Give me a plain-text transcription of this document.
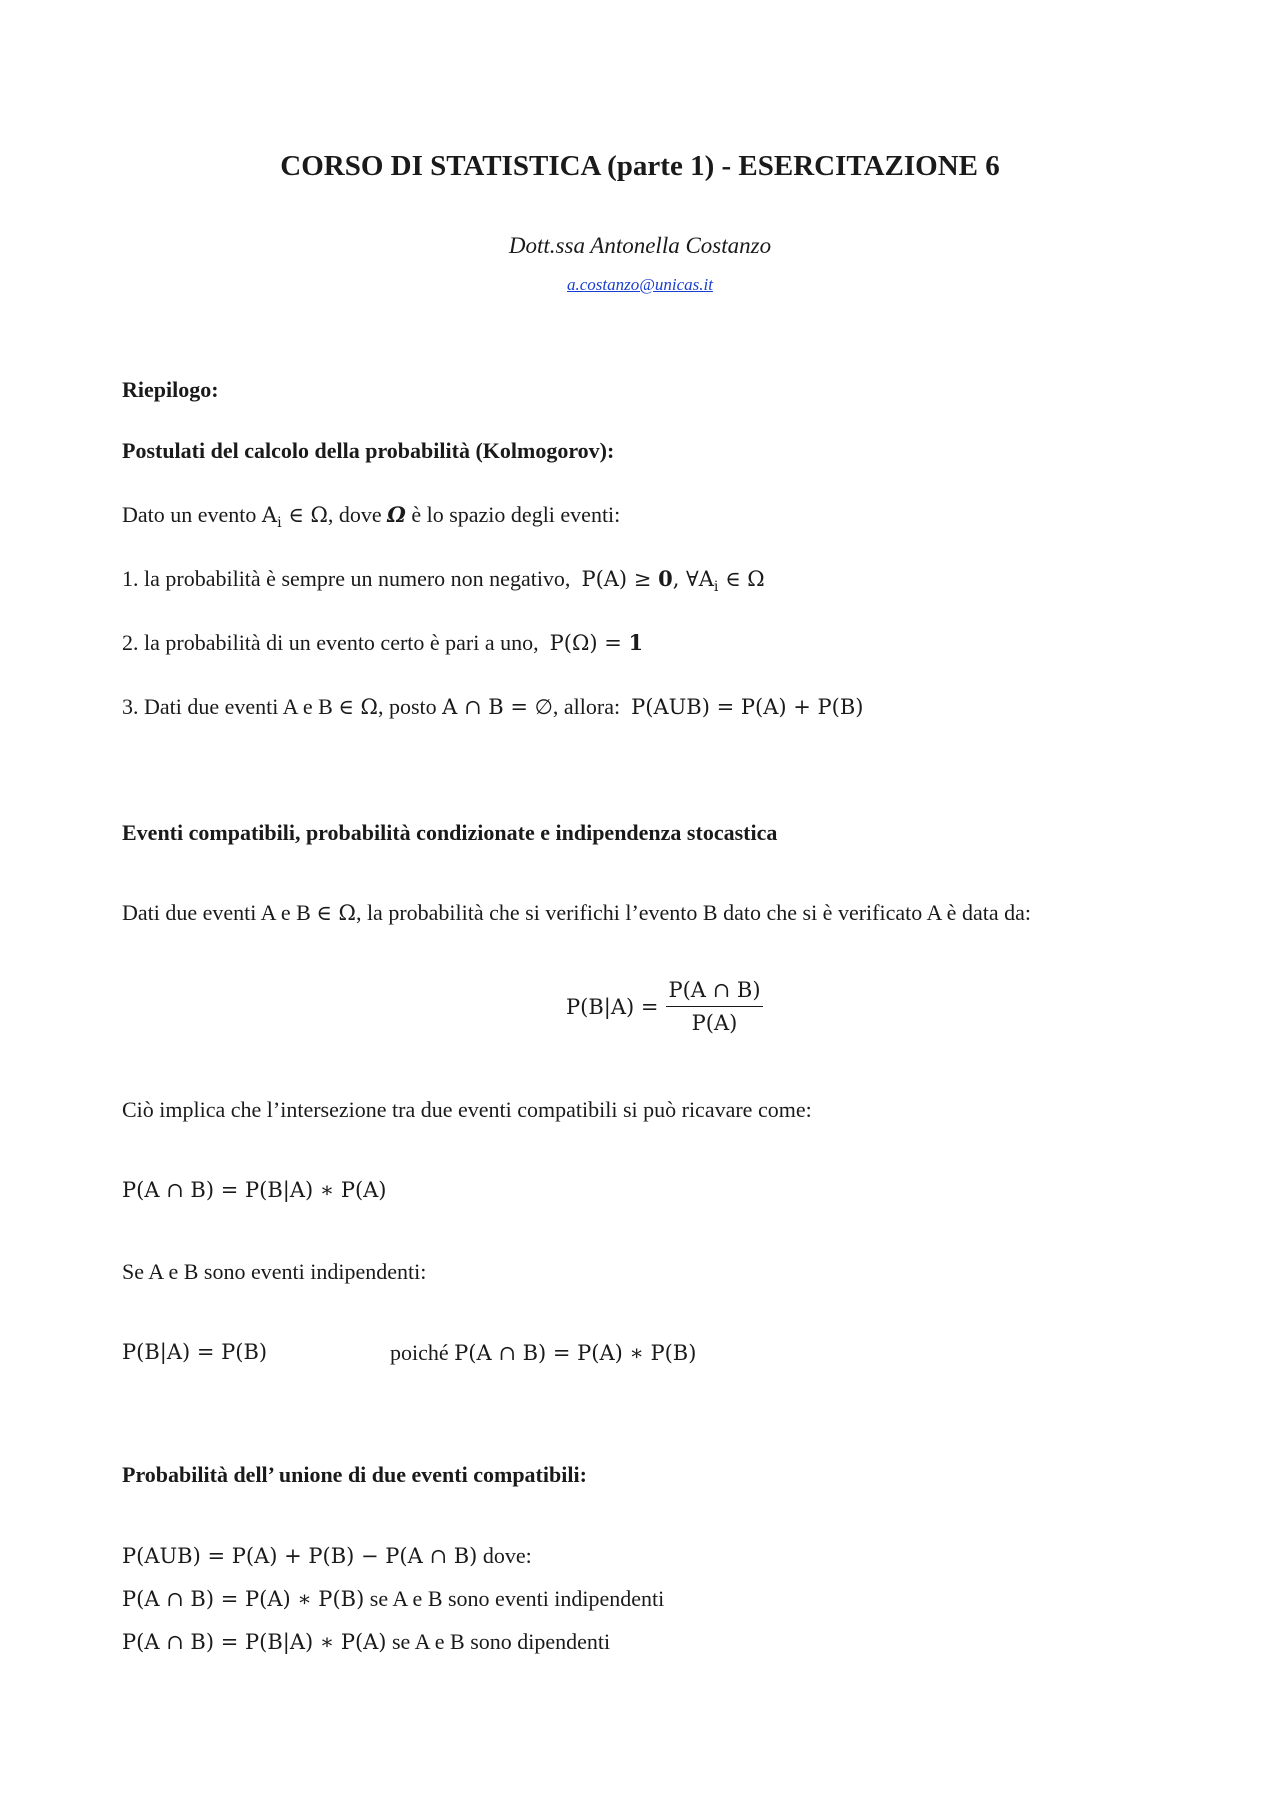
CORSO DI STATISTICA (parte 1) - ESERCITAZIONE 6
Dott.ssa Antonella Costanzo
a.costanzo@unicas.it
Riepilogo:
Postulati del calcolo della probabilità (Kolmogorov):
Dato un evento $A_i$ ∈ Ω, dove Ω è lo spazio degli eventi:
1. la probabilità è sempre un numero non negativo, P(A) ≥ 0, $\forall A_i$ ∈ Ω
2. la probabilità di un evento certo è pari a uno, P(Ω) = 1
3. Dati due eventi A e B ∈ Ω, posto A ∩ B = ∅, allora: P(AUB) = P(A) + P(B)
Eventi compatibili, probabilità condizionate e indipendenza stocastica
Dati due eventi A e B ∈ Ω, la probabilità che si verifichi l’evento B dato che si è verificato A è data da:
$P(B|A) = \frac{P(A \cap B)}{P(A)}$
Ciò implica che l’intersezione tra due eventi compatibili si può ricavare come:
P(A ∩ B) = P(B|A) ∗ P(A)
Se A e B sono eventi indipendenti:
P(B|A) = P(B)	poiché P(A ∩ B) = P(A) ∗ P(B)
Probabilità dell’ unione di due eventi compatibili:
P(AUB) = P(A) + P(B) − P(A ∩ B) dove:
P(A ∩ B) = P(A) ∗ P(B) se A e B sono eventi indipendenti
P(A ∩ B) = P(B|A) ∗ P(A) se A e B sono dipendenti
